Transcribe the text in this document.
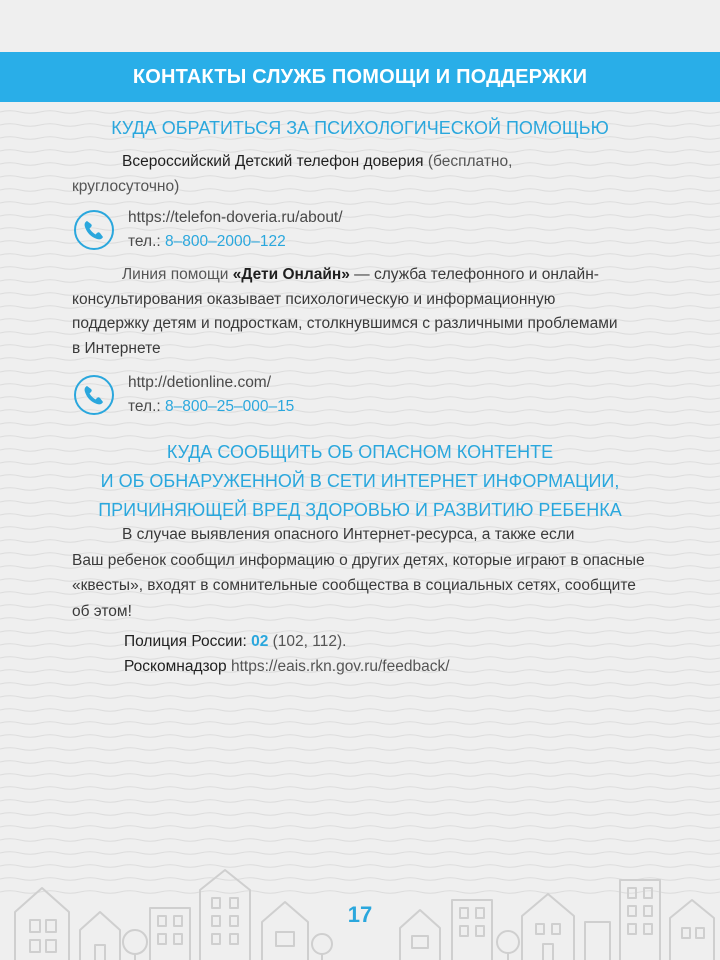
КОНТАКТЫ СЛУЖБ ПОМОЩИ И ПОДДЕРЖКИ
КУДА ОБРАТИТЬСЯ ЗА ПСИХОЛОГИЧЕСКОЙ ПОМОЩЬЮ
Всероссийский Детский телефон доверия (бесплатно,
круглосуточно)
https://telefon-doveria.ru/about/
тел.: 8–800–2000–122
Линия помощи «Дети Онлайн» — служба телефонного и онлайн-
консультирования оказывает психологическую и информационную
поддержку детям и подросткам, столкнувшимся с различными проблемами
в Интернете
http://detionline.com/
тел.: 8–800–25–000–15
КУДА СООБЩИТЬ ОБ ОПАСНОМ КОНТЕНТЕ
И ОБ ОБНАРУЖЕННОЙ В СЕТИ ИНТЕРНЕТ ИНФОРМАЦИИ,
ПРИЧИНЯЮЩЕЙ ВРЕД ЗДОРОВЬЮ И РАЗВИТИЮ РЕБЕНКА
В случае выявления опасного Интернет-ресурса, а также если
Ваш ребенок сообщил информацию о других детях, которые играют в опасные
«квесты», входят в сомнительные сообщества в социальных сетях, сообщите
об этом!
Полиция России: 02 (102, 112).
Роскомнадзор https://eais.rkn.gov.ru/feedback/
17
